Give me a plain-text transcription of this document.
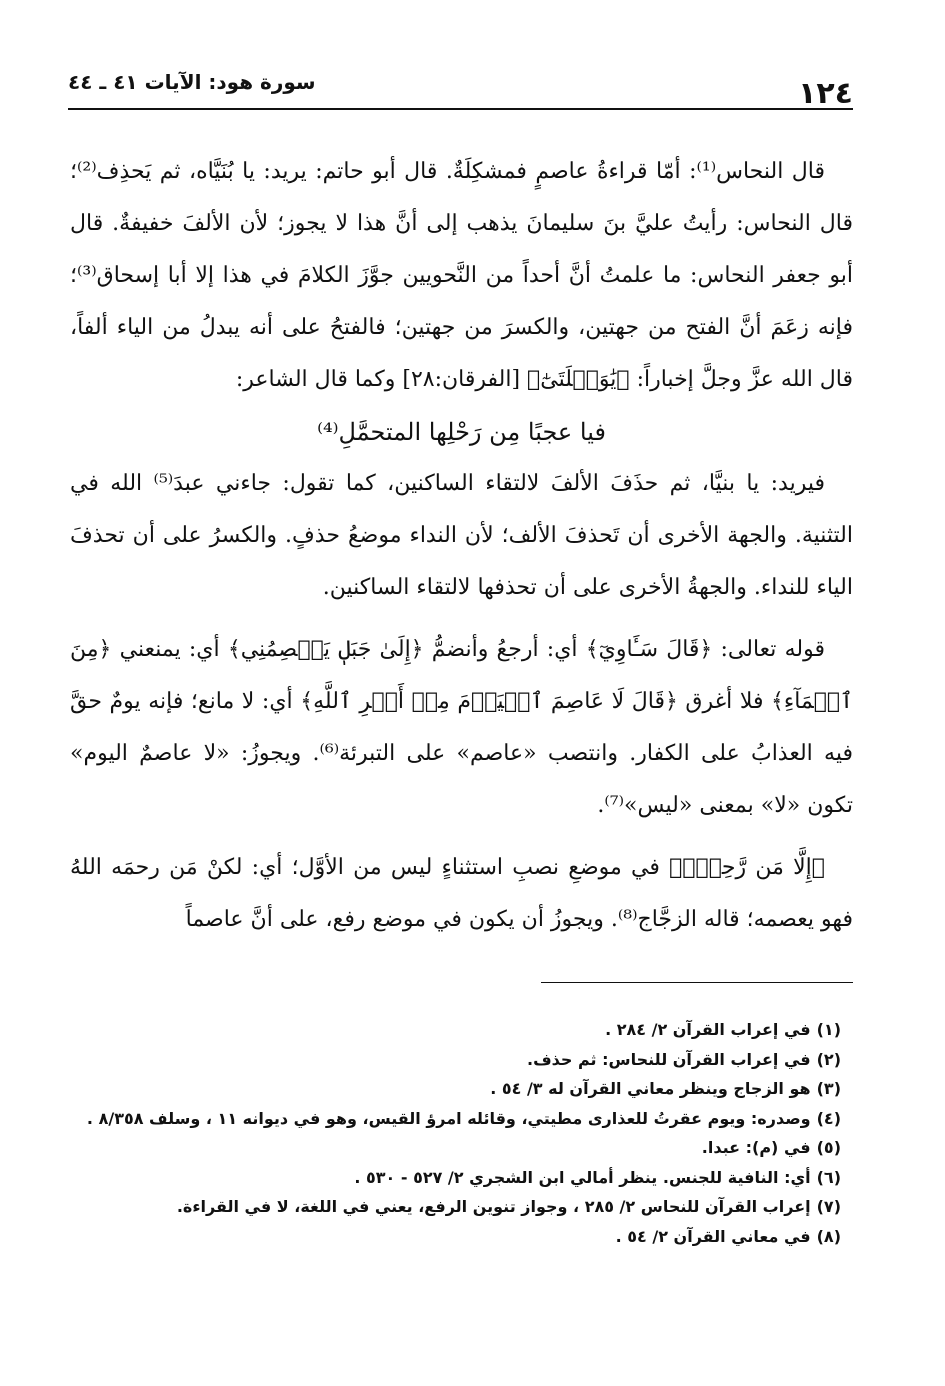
١٢٤
سورة هود: الآيات ٤١ ـ ٤٤

قال النحاس⁽¹⁾: أمّا قراءةُ عاصمٍ فمشكِلَةٌ. قال أبو حاتم: يريد: يا بُنَيَّاه، ثم يَحذِف⁽²⁾؛ قال النحاس: رأيتُ عليَّ بنَ سليمانَ يذهب إلى أنَّ هذا لا يجوز؛ لأن الألفَ خفيفةٌ. قال أبو جعفر النحاس: ما علمتُ أنَّ أحداً من النَّحويين جوَّزَ الكلامَ في هذا إلا أبا إسحاق⁽³⁾؛ فإنه زعَمَ أنَّ الفتح من جهتين، والكسرَ من جهتين؛ فالفتحُ على أنه يبدلُ من الياء ألفاً، قال الله عزَّ وجلَّ إخباراً: ﴿يَٰوَيۡلَتَىٰٓ﴾ [الفرقان:٢٨] وكما قال الشاعر:

فيا عجبًا مِن رَحْلِها المتحمَّلِ⁽⁴⁾

فيريد: يا بنيَّا، ثم حذَفَ الألفَ لالتقاء الساكنين، كما تقول: جاءني عبدَ⁽⁵⁾ الله في التثنية. والجهة الأخرى أن تَحذفَ الألف؛ لأن النداء موضعُ حذفٍ. والكسرُ على أن تحذفَ الياء للنداء. والجهةُ الأخرى على أن تحذفها لالتقاء الساكنين.

قوله تعالى: ﴿قَالَ سَـَٔاوِيٓ﴾ أي: أرجعُ وأنضمُّ ﴿إِلَىٰ جَبَلٖ يَعۡصِمُنِي﴾ أي: يمنعني ﴿مِنَ ٱلۡمَآءِ﴾ فلا أغرق ﴿قَالَ لَا عَاصِمَ ٱلۡيَوۡمَ مِنۡ أَمۡرِ ٱللَّهِ﴾ أي: لا مانع؛ فإنه يومٌ حقَّ فيه العذابُ على الكفار. وانتصب «عاصم» على التبرئة⁽⁶⁾. ويجوزُ: «لا عاصمٌ اليوم» تكون «لا» بمعنى «ليس»⁽⁷⁾.

﴿إِلَّا مَن رَّحِمَۚ﴾ في موضعِ نصبِ استثناءٍ ليس من الأوَّل؛ أي: لكنْ مَن رحمَه اللهُ فهو يعصمه؛ قاله الزجَّاج⁽⁸⁾. ويجوزُ أن يكون في موضع رفع، على أنَّ عاصماً

(١)في إعراب القرآن ٢/ ٢٨٤ .
(٢)في إعراب القرآن للنحاس: ثم حذف.
(٣)هو الزجاج وينظر معاني القرآن له ٣/ ٥٤ .
(٤)وصدره: ويوم عقرتُ للعذارى مطيتي، وقائله امرؤ القيس، وهو في ديوانه ١١ ، وسلف ٨/٣٥٨ .
(٥)في (م): عبدا.
(٦)أي: النافية للجنس. ينظر أمالي ابن الشجري ٢/ ٥٢٧ - ٥٣٠ .
(٧)إعراب القرآن للنحاس ٢/ ٢٨٥ ، وجواز تنوين الرفع، يعني في اللغة، لا في القراءة.
(٨)في معاني القرآن ٢/ ٥٤ .
